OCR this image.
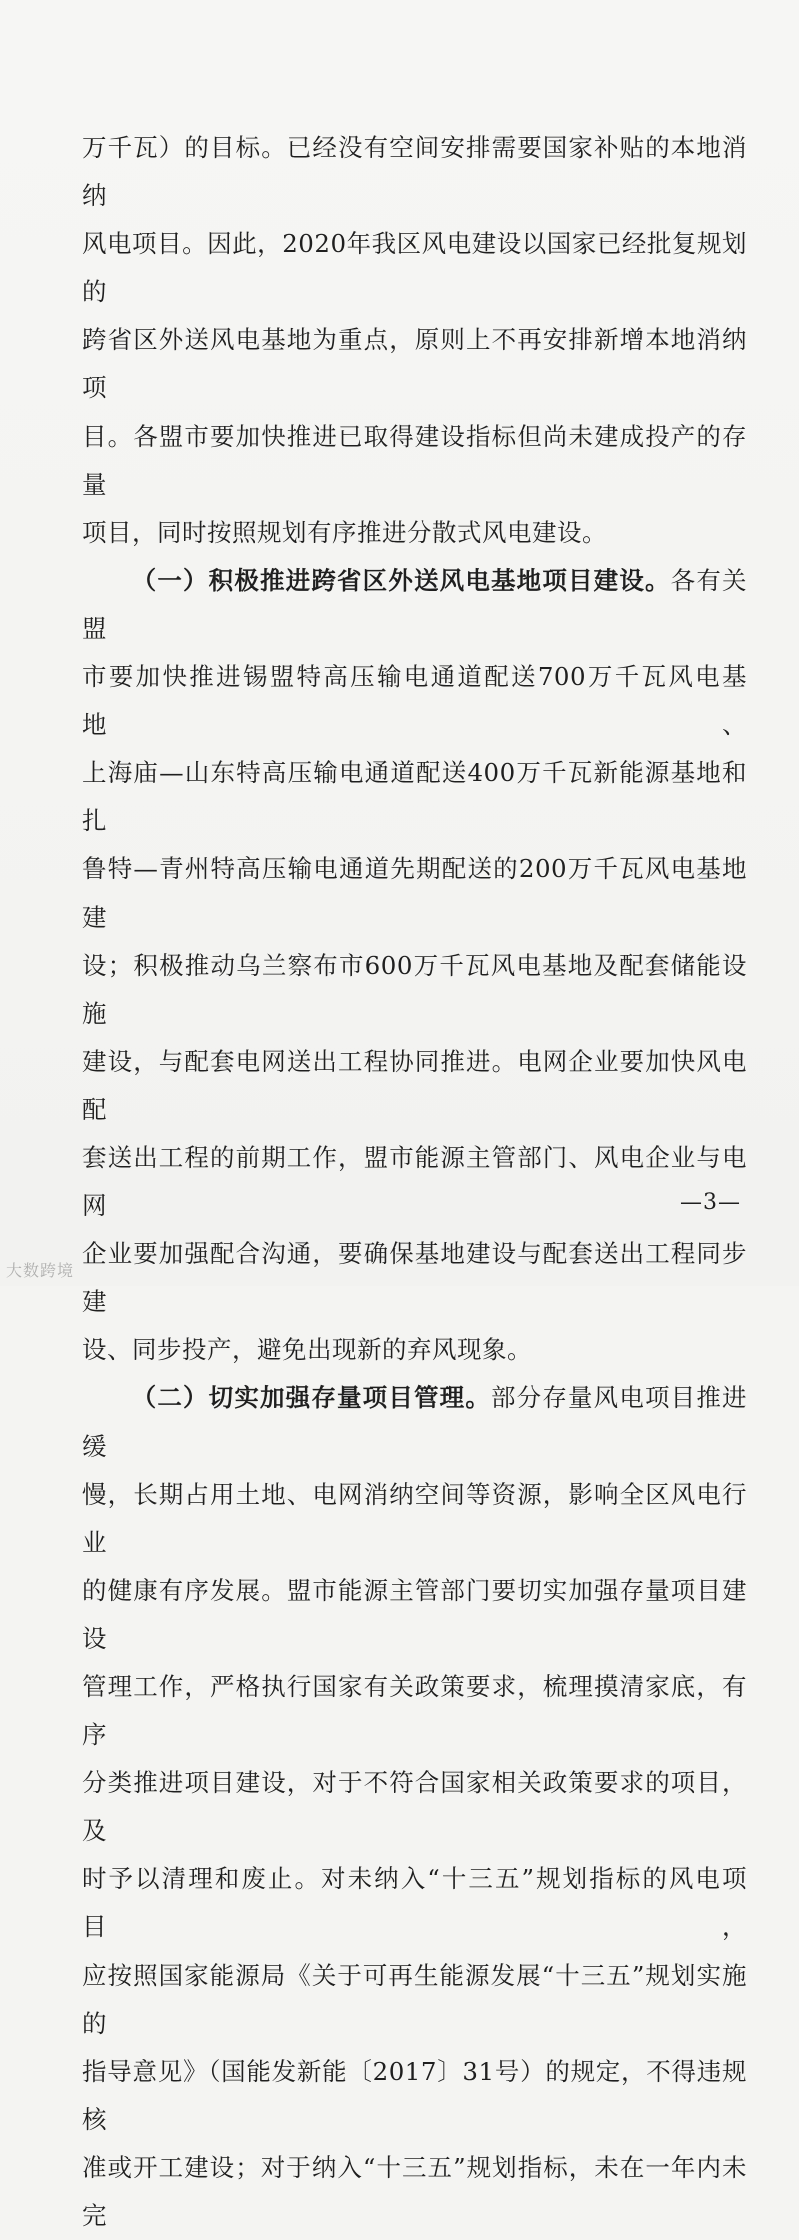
万千瓦）的目标。已经没有空间安排需要国家补贴的本地消纳

风电项目。因此，2020年我区风电建设以国家已经批复规划的

跨省区外送风电基地为重点，原则上不再安排新增本地消纳项

目。各盟市要加快推进已取得建设指标但尚未建成投产的存量

项目，同时按照规划有序推进分散式风电建设。

（一）积极推进跨省区外送风电基地项目建设。各有关盟

市要加快推进锡盟特高压输电通道配送700万千瓦风电基地、

上海庙—山东特高压输电通道配送400万千瓦新能源基地和扎

鲁特—青州特高压输电通道先期配送的200万千瓦风电基地建

设；积极推动乌兰察布市600万千瓦风电基地及配套储能设施

建设，与配套电网送出工程协同推进。电网企业要加快风电配

套送出工程的前期工作，盟市能源主管部门、风电企业与电网

企业要加强配合沟通，要确保基地建设与配套送出工程同步建

设、同步投产，避免出现新的弃风现象。

（二）切实加强存量项目管理。部分存量风电项目推进缓

慢，长期占用土地、电网消纳空间等资源，影响全区风电行业

的健康有序发展。盟市能源主管部门要切实加强存量项目建设

管理工作，严格执行国家有关政策要求，梳理摸清家底，有序

分类推进项目建设，对于不符合国家相关政策要求的项目，及

时予以清理和废止。对未纳入“十三五”规划指标的风电项目，

应按照国家能源局《关于可再生能源发展“十三五”规划实施的

指导意见》（国能发新能〔2017〕31号）的规定，不得违规核

准或开工建设；对于纳入“十三五”规划指标，未在一年内未完

—3—
大数跨境
